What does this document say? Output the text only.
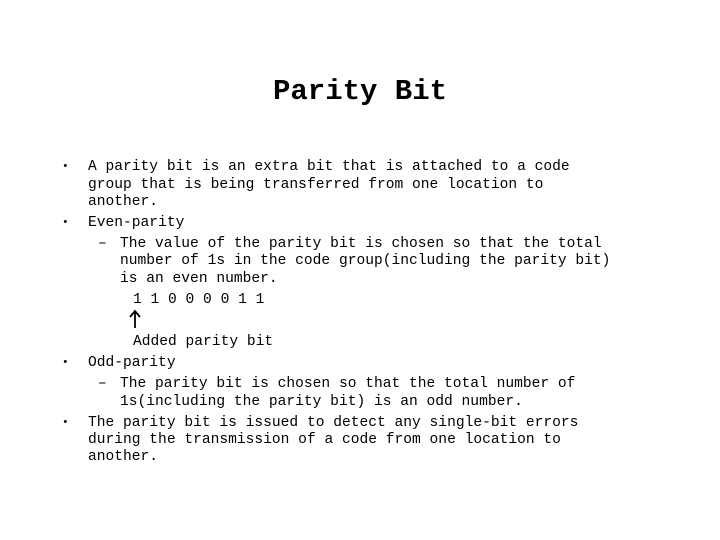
Parity Bit
• A parity bit is an extra bit that is attached to a code
group that is being transferred from one location to
another.
• Even-parity
– The value of the parity bit is chosen so that the total
number of 1s in the code group(including the parity bit)
is an even number.
1 1 0 0 0 0 1 1
Added parity bit
• Odd-parity
– The parity bit is chosen so that the total number of
1s(including the parity bit) is an odd number.
• The parity bit is issued to detect any single-bit errors
during the transmission of a code from one location to
another.
